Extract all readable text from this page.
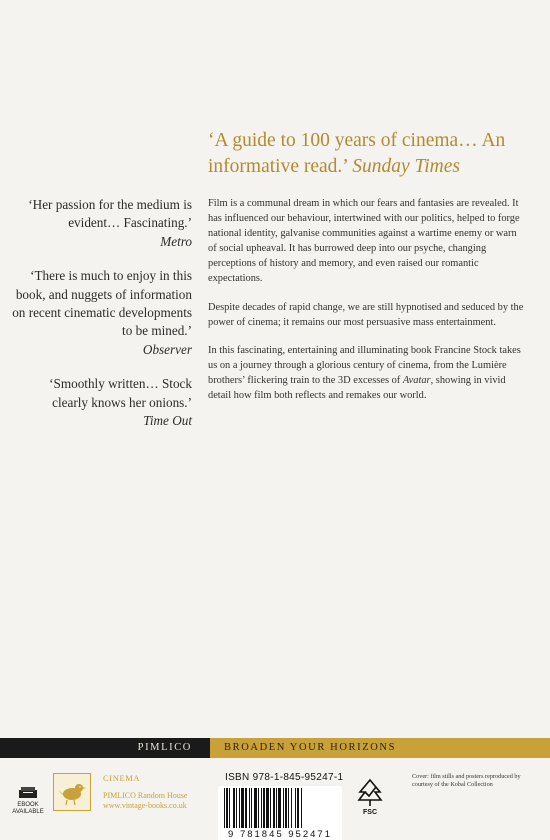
‘A guide to 100 years of cinema… An informative read.’ Sunday Times
‘Her passion for the medium is evident… Fascinating.’
Metro
‘There is much to enjoy in this book, and nuggets of information on recent cinematic developments to be mined.’
Observer
‘Smoothly written… Stock clearly knows her onions.’
Time Out

Film is a communal dream in which our fears and fantasies are revealed. It has influenced our behaviour, intertwined with our politics, helped to forge national identity, galvanise communities against a wartime enemy or warn of social upheaval. It has burrowed deep into our psyche, changing perceptions of history and memory, and even raised our romantic expectations.

Despite decades of rapid change, we are still hypnotised and seduced by the power of cinema; it remains our most persuasive mass entertainment.

In this fascinating, entertaining and illuminating book Francine Stock takes us on a journey through a glorious century of cinema, from the Lumière brothers’ flickering train to the 3D excesses of Avatar, showing in vivid detail how film both reflects and remakes our world.

PIMLICO	BROADEN YOUR HORIZONS
EBOOK
AVAILABLE
CINEMA
PIMLICO Random House
www.vintage-books.co.uk
ISBN 978-1-845-95247-1
9 781845 952471
FSC
Cover: film stills and posters reproduced by courtesy of the Kobal Collection
